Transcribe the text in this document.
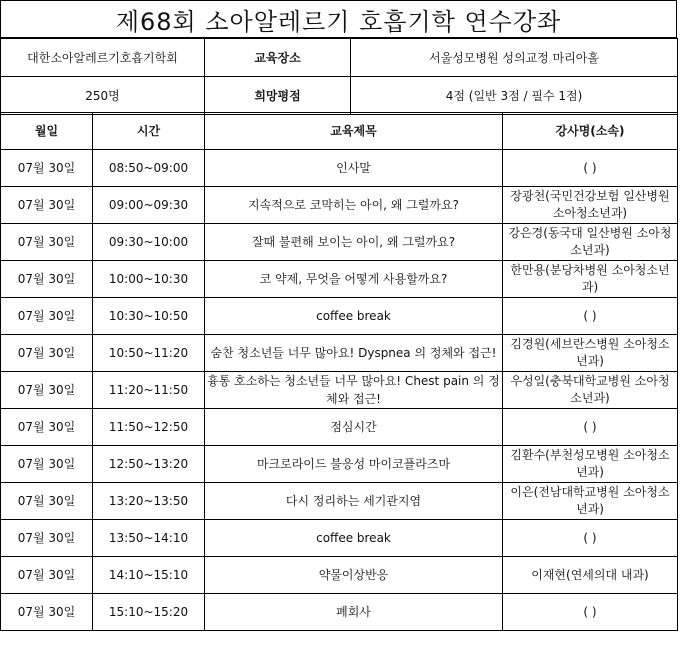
제68회 소아알레르기 호흡기학 연수강좌
대한소아알레르기호흡기학회	교육장소	서울성모병원 성의교정 마리아홀
250명	희망평점	4점 (일반 3점 / 필수 1점)
월일	시간	교육제목	강사명(소속)
07월 30일	08:50~09:00	인사말	( )
07월 30일	09:00~09:30	지속적으로 코막히는 아이, 왜 그럴까요?	장광천(국민건강보험 일산병원 소아청소년과)
07월 30일	09:30~10:00	잘때 불편해 보이는 아이, 왜 그럴까요?	강은경(동국대 일산병원 소아청소년과)
07월 30일	10:00~10:30	코 약제, 무엇을 어떻게 사용할까요?	한만용(분당차병원 소아청소년과)
07월 30일	10:30~10:50	coffee break	( )
07월 30일	10:50~11:20	숨찬 청소년들 너무 많아요! Dyspnea 의 정체와 접근!	김경원(세브란스병원 소아청소년과)
07월 30일	11:20~11:50	흉통 호소하는 청소년들 너무 많아요! Chest pain 의 정체와 접근!	우성일(충북대학교병원 소아청소년과)
07월 30일	11:50~12:50	점심시간	( )
07월 30일	12:50~13:20	마크로라이드 불응성 마이코플라즈마	김환수(부천성모병원 소아청소년과)
07월 30일	13:20~13:50	다시 정리하는 세기관지염	이은(전남대학교병원 소아청소년과)
07월 30일	13:50~14:10	coffee break	( )
07월 30일	14:10~15:10	약물이상반응	이재현(연세의대 내과)
07월 30일	15:10~15:20	폐회사	( )
